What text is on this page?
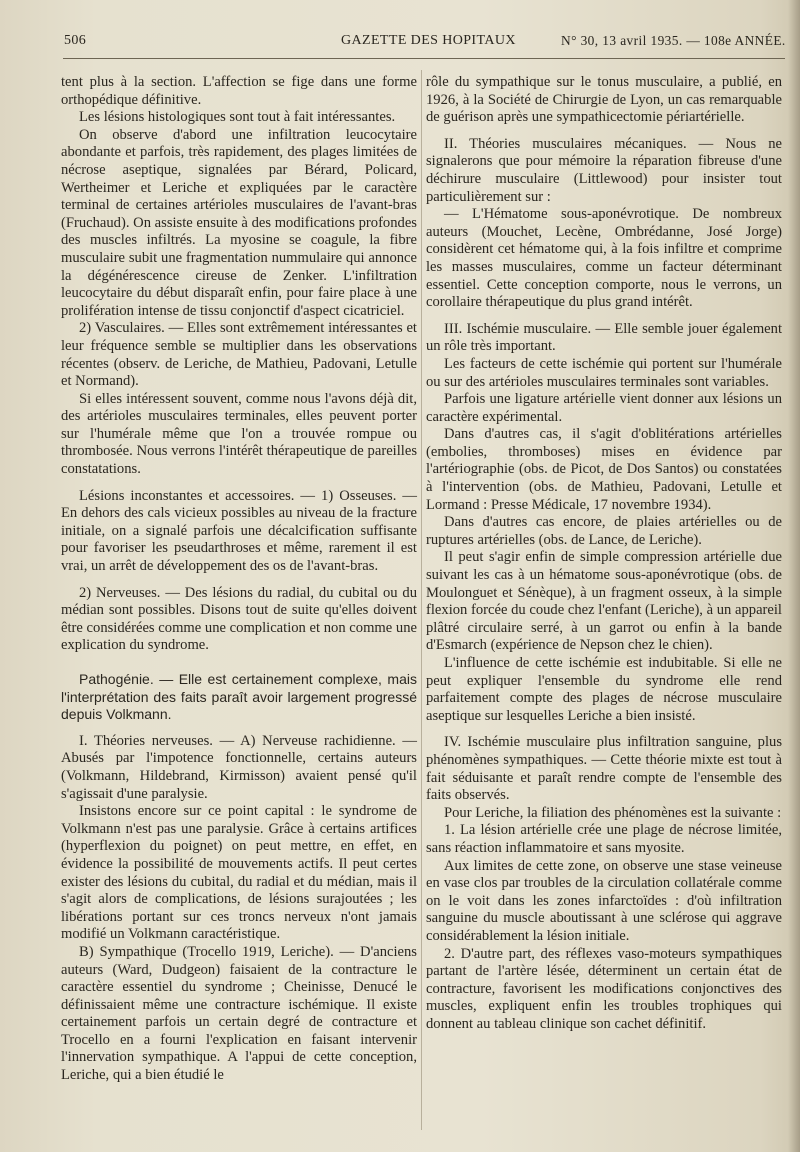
506	GAZETTE DES HOPITAUX	N° 30, 13 avril 1935. — 108e ANNÉE.

tent plus à la section. L'affection se fige dans une forme orthopédique définitive.

Les lésions histologiques sont tout à fait intéressantes.

On observe d'abord une infiltration leucocytaire abondante et parfois, très rapidement, des plages limitées de nécrose aseptique, signalées par Bérard, Policard, Wertheimer et Leriche et expliquées par le caractère terminal de certaines artérioles musculaires de l'avant-bras (Fruchaud). On assiste ensuite à des modifications profondes des muscles infiltrés. La myosine se coagule, la fibre musculaire subit une fragmentation nummulaire qui annonce la dégénérescence cireuse de Zenker. L'infiltration leucocytaire du début disparaît enfin, pour faire place à une prolifération intense de tissu conjonctif d'aspect cicatriciel.

2) Vasculaires. — Elles sont extrêmement intéressantes et leur fréquence semble se multiplier dans les observations récentes (observ. de Leriche, de Mathieu, Padovani, Letulle et Normand).

Si elles intéressent souvent, comme nous l'avons déjà dit, des artérioles musculaires terminales, elles peuvent porter sur l'humérale même que l'on a trouvée rompue ou thrombosée. Nous verrons l'intérêt thérapeutique de pareilles constatations.

Lésions inconstantes et accessoires. — 1) Osseuses. — En dehors des cals vicieux possibles au niveau de la fracture initiale, on a signalé parfois une décalcification suffisante pour favoriser les pseudarthroses et même, rarement il est vrai, un arrêt de développement des os de l'avant-bras.

2) Nerveuses. — Des lésions du radial, du cubital ou du médian sont possibles. Disons tout de suite qu'elles doivent être considérées comme une complication et non comme une explication du syndrome.

Pathogénie. — Elle est certainement complexe, mais l'interprétation des faits paraît avoir largement progressé depuis Volkmann.

I. Théories nerveuses. — A) Nerveuse rachidienne. — Abusés par l'impotence fonctionnelle, certains auteurs (Volkmann, Hildebrand, Kirmisson) avaient pensé qu'il s'agissait d'une paralysie.

Insistons encore sur ce point capital : le syndrome de Volkmann n'est pas une paralysie. Grâce à certains artifices (hyperflexion du poignet) on peut mettre, en effet, en évidence la possibilité de mouvements actifs. Il peut certes exister des lésions du cubital, du radial et du médian, mais il s'agit alors de complications, de lésions surajoutées ; les libérations portant sur ces troncs nerveux n'ont jamais modifié un Volkmann caractéristique.

B) Sympathique (Trocello 1919, Leriche). — D'anciens auteurs (Ward, Dudgeon) faisaient de la contracture le caractère essentiel du syndrome ; Cheinisse, Denucé le définissaient même une contracture ischémique. Il existe certainement parfois un certain degré de contracture et Trocello en a fourni l'explication en faisant intervenir l'innervation sympathique. A l'appui de cette conception, Leriche, qui a bien étudié le

rôle du sympathique sur le tonus musculaire, a publié, en 1926, à la Société de Chirurgie de Lyon, un cas remarquable de guérison après une sympathicectomie périartérielle.

II. Théories musculaires mécaniques. — Nous ne signalerons que pour mémoire la réparation fibreuse d'une déchirure musculaire (Littlewood) pour insister tout particulièrement sur :

— L'Hématome sous-aponévrotique. De nombreux auteurs (Mouchet, Lecène, Ombrédanne, José Jorge) considèrent cet hématome qui, à la fois infiltre et comprime les masses musculaires, comme un facteur déterminant essentiel. Cette conception comporte, nous le verrons, un corollaire thérapeutique du plus grand intérêt.

III. Ischémie musculaire. — Elle semble jouer également un rôle très important.

Les facteurs de cette ischémie qui portent sur l'humérale ou sur des artérioles musculaires terminales sont variables.

Parfois une ligature artérielle vient donner aux lésions un caractère expérimental.

Dans d'autres cas, il s'agit d'oblitérations artérielles (embolies, thromboses) mises en évidence par l'artériographie (obs. de Picot, de Dos Santos) ou constatées à l'intervention (obs. de Mathieu, Padovani, Letulle et Lormand : Presse Médicale, 17 novembre 1934).

Dans d'autres cas encore, de plaies artérielles ou de ruptures artérielles (obs. de Lance, de Leriche).

Il peut s'agir enfin de simple compression artérielle due suivant les cas à un hématome sous-aponévrotique (obs. de Moulonguet et Sénèque), à un fragment osseux, à la simple flexion forcée du coude chez l'enfant (Leriche), à un appareil plâtré circulaire serré, à un garrot ou enfin à la bande d'Esmarch (expérience de Nepson chez le chien).

L'influence de cette ischémie est indubitable. Si elle ne peut expliquer l'ensemble du syndrome elle rend parfaitement compte des plages de nécrose musculaire aseptique sur lesquelles Leriche a bien insisté.

IV. Ischémie musculaire plus infiltration sanguine, plus phénomènes sympathiques. — Cette théorie mixte est tout à fait séduisante et paraît rendre compte de l'ensemble des faits observés.

Pour Leriche, la filiation des phénomènes est la suivante :

1. La lésion artérielle crée une plage de nécrose limitée, sans réaction inflammatoire et sans myosite.

Aux limites de cette zone, on observe une stase veineuse en vase clos par troubles de la circulation collatérale comme on le voit dans les zones infarctoïdes : d'où infiltration sanguine du muscle aboutissant à une sclérose qui aggrave considérablement la lésion initiale.

2. D'autre part, des réflexes vaso-moteurs sympathiques partant de l'artère lésée, déterminent un certain état de contracture, favorisent les modifications conjonctives des muscles, expliquent enfin les troubles trophiques qui donnent au tableau clinique son cachet définitif.
